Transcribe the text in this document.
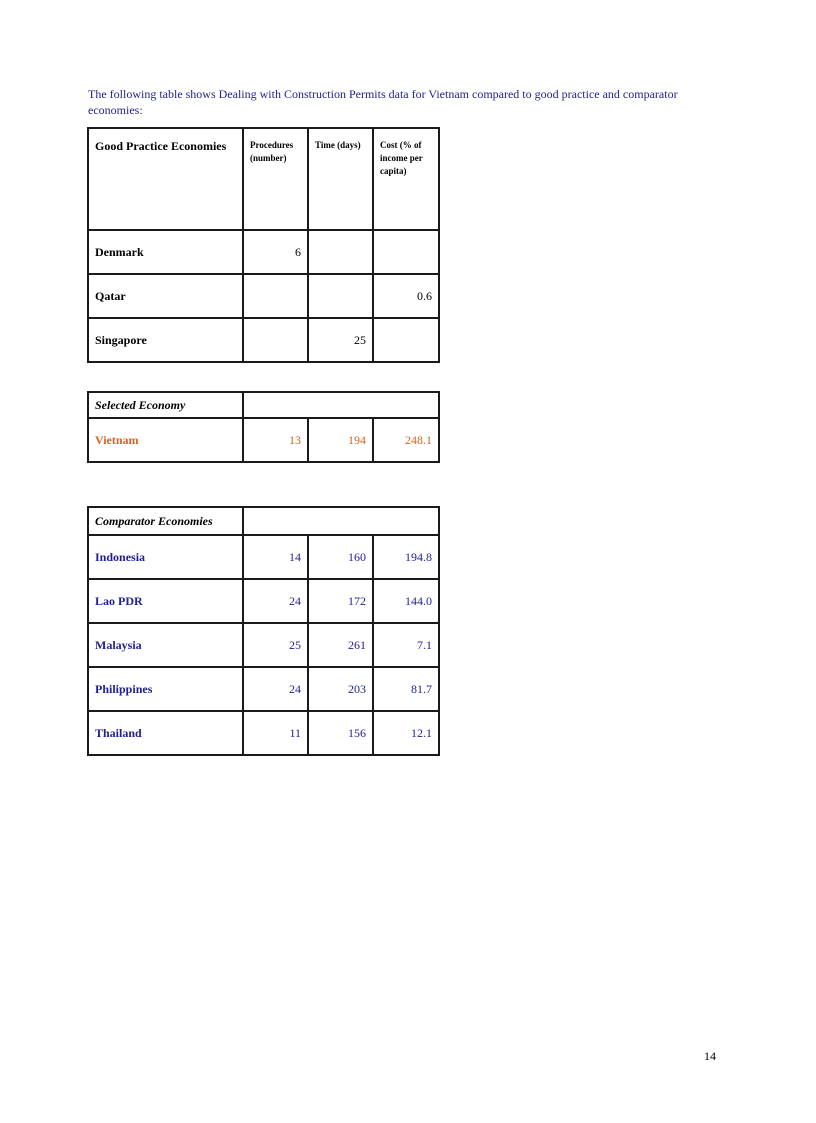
The following table shows Dealing with Construction Permits data for Vietnam compared to good practice and comparator economies:

Good Practice Economies	Procedures (number)	Time (days)	Cost (% of income per capita)
Denmark	6		
Qatar			0.6
Singapore		25	
Selected Economy			
Vietnam	13	194	248.1
Comparator Economies			
Indonesia	14	160	194.8
Lao PDR	24	172	144.0
Malaysia	25	261	7.1
Philippines	24	203	81.7
Thailand	11	156	12.1
14
